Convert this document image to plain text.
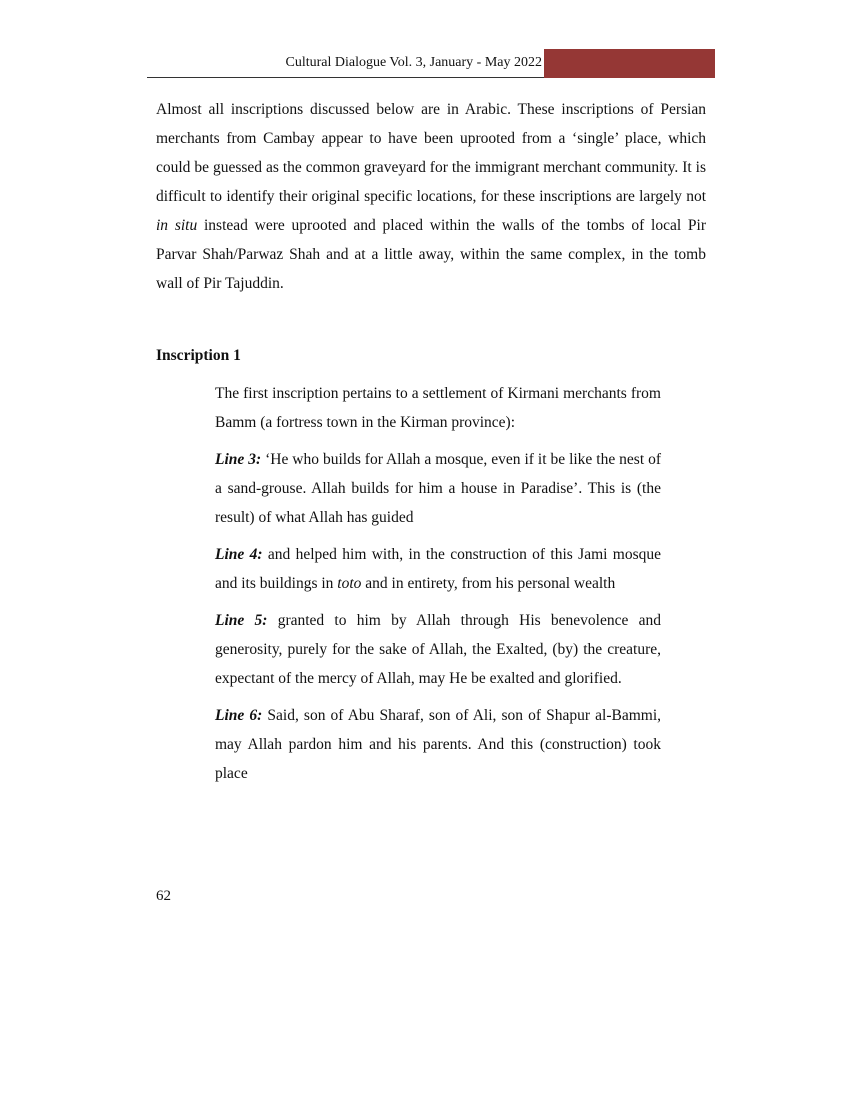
Cultural Dialogue Vol. 3, January - May 2022

Almost all inscriptions discussed below are in Arabic. These inscriptions of Persian merchants from Cambay appear to have been uprooted from a ‘single’ place, which could be guessed as the common graveyard for the immigrant merchant community. It is difficult to identify their original specific locations, for these inscriptions are largely not in situ instead were uprooted and placed within the walls of the tombs of local Pir Parvar Shah/Parwaz Shah and at a little away, within the same complex, in the tomb wall of Pir Tajuddin.

Inscription 1

The first inscription pertains to a settlement of Kirmani merchants from Bamm (a fortress town in the Kirman province):

Line 3: ‘He who builds for Allah a mosque, even if it be like the nest of a sand-grouse. Allah builds for him a house in Paradise’. This is (the result) of what Allah has guided

Line 4: and helped him with, in the construction of this Jami mosque and its buildings in toto and in entirety, from his personal wealth

Line 5: granted to him by Allah through His benevolence and generosity, purely for the sake of Allah, the Exalted, (by) the creature, expectant of the mercy of Allah, may He be exalted and glorified.

Line 6: Said, son of Abu Sharaf, son of Ali, son of Shapur al-Bammi, may Allah pardon him and his parents. And this (construction) took place

62
